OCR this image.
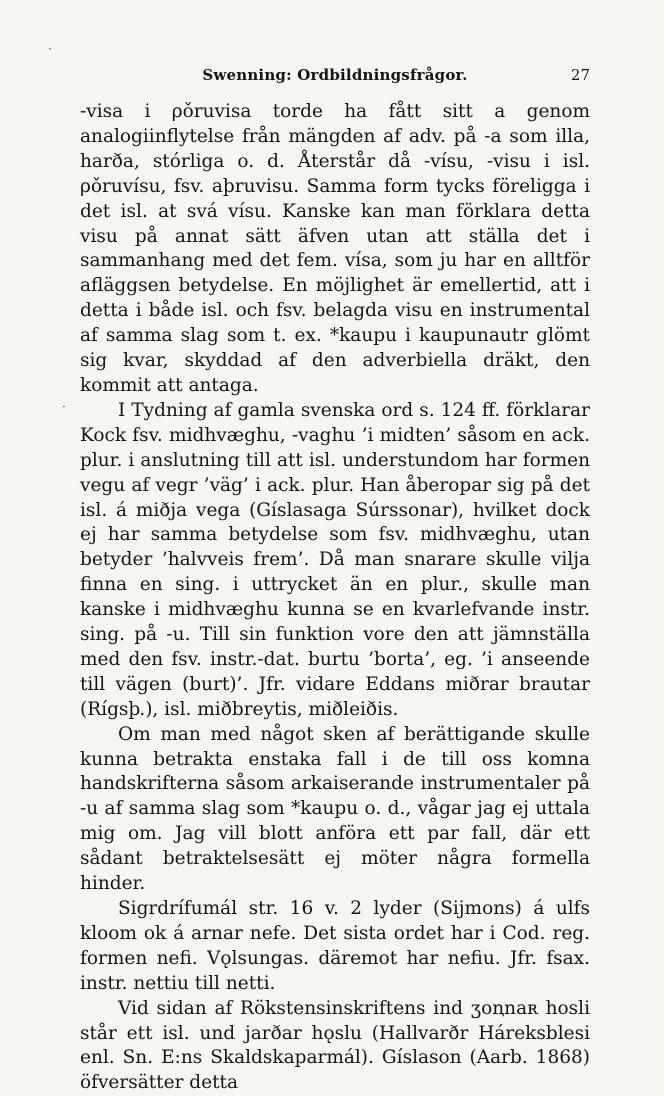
Swenning: Ordbildningsfrågor.	27

-visa i ρǒruvisa torde ha fått sitt a genom analogiinflytelse från mängden af adv. på -a som illa, harða, stórliga o. d. Återstår då -vísu, -visu i isl. ρǒruvísu, fsv. aþruvisu. Samma form tycks föreligga i det isl. at svá vísu. Kanske kan man förklara detta visu på annat sätt äfven utan att ställa det i sammanhang med det fem. vísa, som ju har en alltför afläggsen betydelse. En möjlighet är emellertid, att i detta i både isl. och fsv. belagda visu en instrumental af samma slag som t. ex. *kaupu i kaupunautr glömt sig kvar, skyddad af den adverbiella dräkt, den kommit att antaga.

I Tydning af gamla svenska ord s. 124 ff. förklarar Kock fsv. midhvæghu, -vaghu ’i midten’ såsom en ack. plur. i anslutning till att isl. understundom har formen vegu af vegr ’väg’ i ack. plur. Han åberopar sig på det isl. á miðja vega (Gíslasaga Súrssonar), hvilket dock ej har samma betydelse som fsv. midhvæghu, utan betyder ’halvveis frem’. Då man snarare skulle vilja finna en sing. i uttrycket än en plur., skulle man kanske i midhvæghu kunna se en kvarlefvande instr. sing. på -u. Till sin funktion vore den att jämnställa med den fsv. instr.-dat. burtu ’borta’, eg. ’i anseende till vägen (burt)’. Jfr. vidare Eddans miðrar brautar (Rígsþ.), isl. miðbreytis, miðleiðis.

Om man med något sken af berättigande skulle kunna betrakta enstaka fall i de till oss komna handskrifterna såsom arkaiserande instrumentaler på -u af samma slag som *kaupu o. d., vågar jag ej uttala mig om. Jag vill blott anföra ett par fall, där ett sådant betraktelsesätt ej möter några formella hinder.

Sigrdrífumál str. 16 v. 2 lyder (Sijmons) á ulfs kloom ok á arnar nefe. Det sista ordet har i Cod. reg. formen nefi. Vǫlsungas. däremot har nefiu. Jfr. fsax. instr. nettiu till netti.

Vid sidan af Rökstensinskriftens ind ʒoꞑnaʀ hosli står ett isl. und jarðar hǫslu (Hallvarðr Háreksblesi enl. Sn. E:ns Skaldskaparmál). Gíslason (Aarb. 1868) öfversätter detta

·
·
